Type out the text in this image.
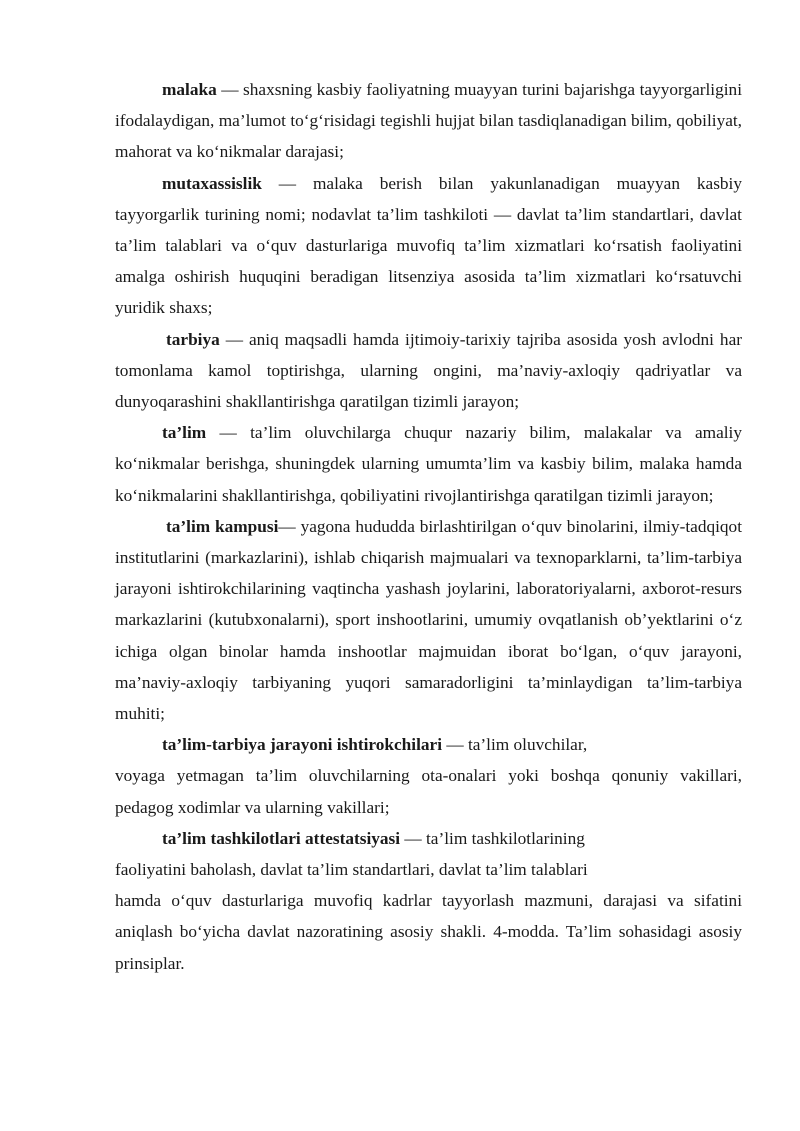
malaka — shaxsning kasbiy faoliyatning muayyan turini bajarishga tayyorgarligini ifodalaydigan, ma’lumot to‘g‘risidagi tegishli hujjat bilan tasdiqlanadigan bilim, qobiliyat, mahorat va ko‘nikmalar darajasi;

mutaxassislik — malaka berish bilan yakunlanadigan muayyan kasbiy tayyorgarlik turining nomi; nodavlat ta’lim tashkiloti — davlat ta’lim standartlari, davlat ta’lim talablari va o‘quv dasturlariga muvofiq ta’lim xizmatlari ko‘rsatish faoliyatini amalga oshirish huquqini beradigan litsenziya asosida ta’lim xizmatlari ko‘rsatuvchi yuridik shaxs;

tarbiya — aniq maqsadli hamda ijtimoiy-tarixiy tajriba asosida yosh avlodni har tomonlama kamol toptirishga, ularning ongini, ma’naviy-axloqiy qadriyatlar va dunyoqarashini shakllantirishga qaratilgan tizimli jarayon;

ta’lim — ta’lim oluvchilarga chuqur nazariy bilim, malakalar va amaliy ko‘nikmalar berishga, shuningdek ularning umumta’lim va kasbiy bilim, malaka hamda ko‘nikmalarini shakllantirishga, qobiliyatini rivojlantirishga qaratilgan tizimli jarayon;

ta’lim kampusi— yagona hududda birlashtirilgan o‘quv binolarini, ilmiy-tadqiqot institutlarini (markazlarini), ishlab chiqarish majmualari va texnoparklarni, ta’lim-tarbiya jarayoni ishtirokchilarining vaqtincha yashash joylarini, laboratoriyalarni, axborot-resurs markazlarini (kutubxonalarni), sport inshootlarini, umumiy ovqatlanish ob’yektlarini o‘z ichiga olgan binolar hamda inshootlar majmuidan iborat bo‘lgan, o‘quv jarayoni, ma’naviy-axloqiy tarbiyaning yuqori samaradorligini ta’minlaydigan ta’lim-tarbiya muhiti;

ta’lim-tarbiya jarayoni ishtirokchilari — ta’lim oluvchilar,

voyaga yetmagan ta’lim oluvchilarning ota-onalari yoki boshqa qonuniy vakillari, pedagog xodimlar va ularning vakillari;

ta’lim tashkilotlari attestatsiyasi — ta’lim tashkilotlarining

faoliyatini baholash, davlat ta’lim standartlari, davlat ta’lim talablari

hamda o‘quv dasturlariga muvofiq kadrlar tayyorlash mazmuni, darajasi va sifatini aniqlash bo‘yicha davlat nazoratining asosiy shakli. 4-modda. Ta’lim sohasidagi asosiy prinsiplar.
